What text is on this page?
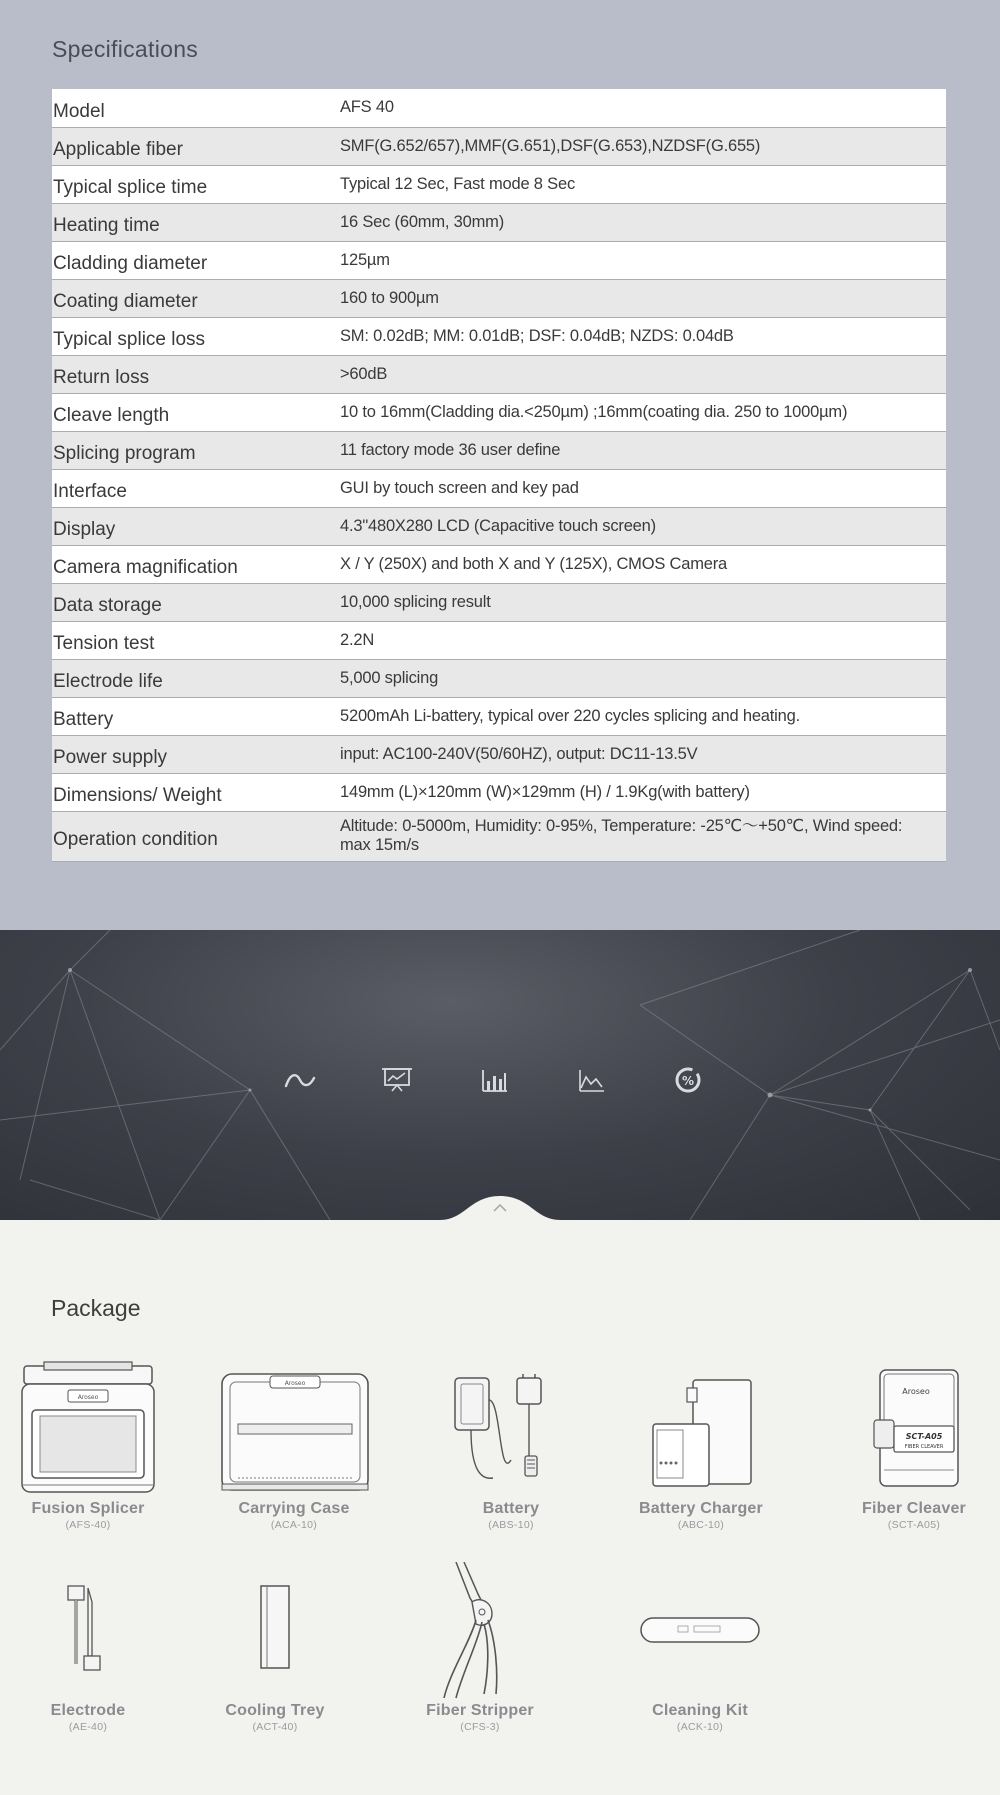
Specifications
Model	AFS 40
Applicable fiber	SMF(G.652/657),MMF(G.651),DSF(G.653),NZDSF(G.655)
Typical splice time	Typical 12 Sec, Fast mode 8 Sec
Heating time	16 Sec (60mm, 30mm)
Cladding diameter	125µm
Coating diameter	160 to 900µm
Typical splice loss	SM: 0.02dB; MM: 0.01dB; DSF: 0.04dB; NZDS: 0.04dB
Return loss	>60dB
Cleave length	10 to 16mm(Cladding dia.<250µm) ;16mm(coating dia. 250 to 1000µm)
Splicing program	11 factory mode 36 user define
Interface	GUI by touch screen and key pad
Display	4.3"480X280 LCD (Capacitive touch screen)
Camera magnification	X / Y (250X) and both X and Y (125X), CMOS Camera
Data storage	10,000 splicing result
Tension test	2.2N
Electrode life	5,000 splicing
Battery	5200mAh Li-battery, typical over 220 cycles splicing and heating.
Power supply	input: AC100-240V(50/60HZ), output: DC11-13.5V
Dimensions/ Weight	149mm (L)×120mm (W)×129mm (H) / 1.9Kg(with battery)
Operation condition	Altitude: 0-5000m, Humidity: 0-95%, Temperature: -25℃～+50℃, Wind speed: max 15m/s
%
Package
Aroseo
Fusion Splicer
(AFS-40)
Aroseo
Carrying Case
(ACA-10)
Battery
(ABS-10)
Battery Charger
(ABC-10)
Aroseo
SCT-A05
FIBER CLEAVER
Fiber Cleaver
(SCT-A05)
Electrode
(AE-40)
Cooling Trey
(ACT-40)
Fiber Stripper
(CFS-3)
Cleaning Kit
(ACK-10)
